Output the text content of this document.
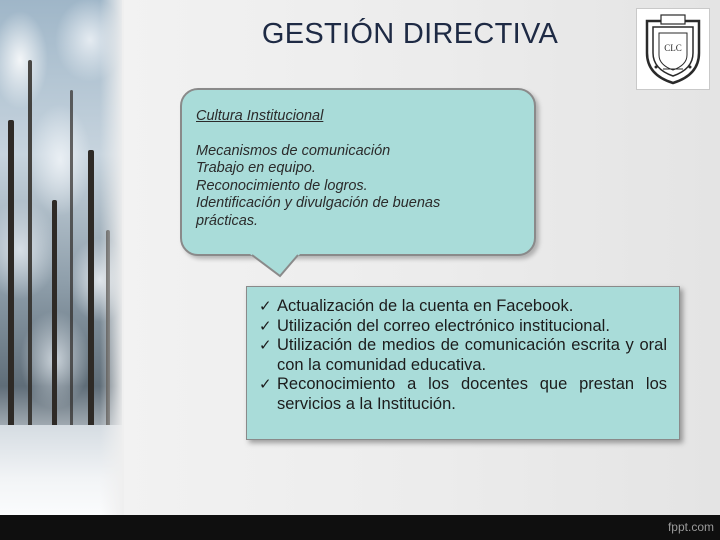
GESTIÓN DIRECTIVA	CLC
Cultura Institucional
Mecanismos de comunicación
Trabajo en equipo.
Reconocimiento de logros.
Identificación y divulgación de buenas
prácticas.
✓ Actualización de la cuenta en Facebook.
✓ Utilización del correo electrónico institucional.
✓ Utilización de medios de comunicación escrita y oral con la comunidad educativa.
✓ Reconocimiento a los docentes que prestan los servicios a la Institución.
fppt.com
